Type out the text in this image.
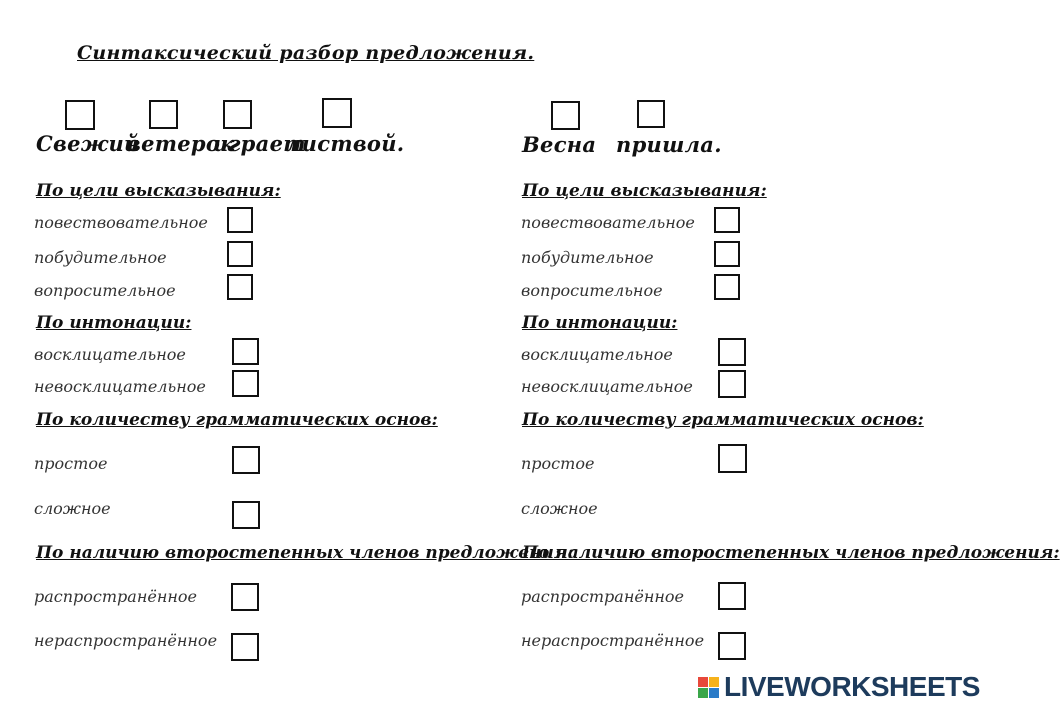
Синтаксический разбор предложения.
Свежий
ветерок
играет
листвой.
По цели высказывания:
повествовательное
побудительное
вопросительное
По интонации:
восклицательное
невосклицательное
По количеству грамматических основ:
простое
сложное
По наличию второстепенных членов предложения:
распространённое
нераспространённое
Весна пришла.
По цели высказывания:
повествовательное
побудительное
вопросительное
По интонации:
восклицательное
невосклицательное
По количеству грамматических основ:
простое
сложное
По наличию второстепенных членов предложения:
распространённое
нераспространённое
LIVEWORKSHEETS
